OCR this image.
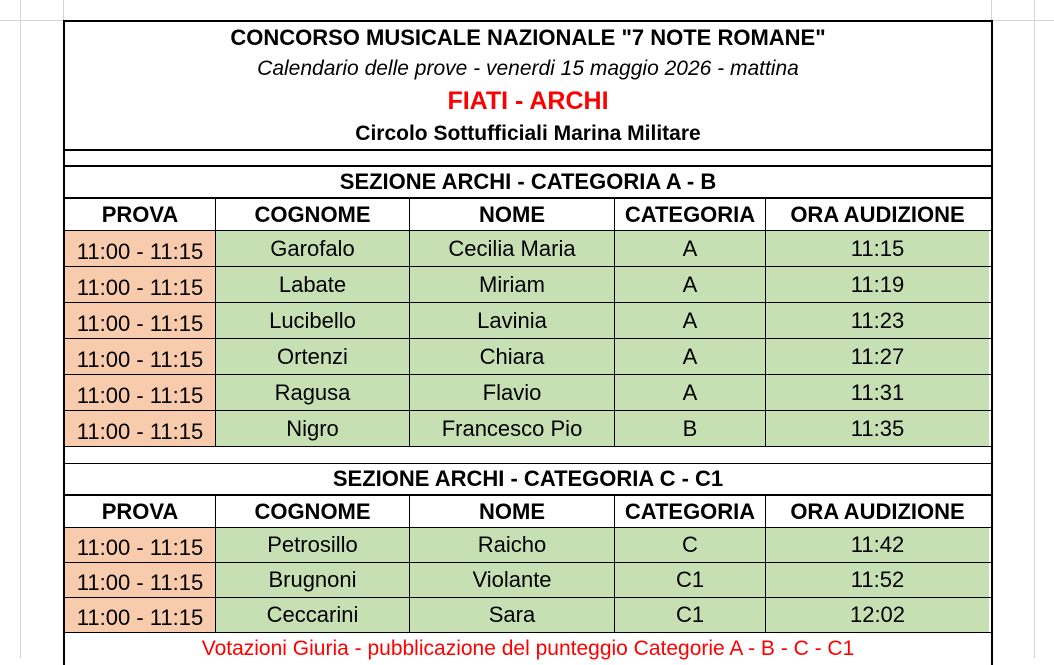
CONCORSO MUSICALE NAZIONALE "7 NOTE ROMANE"
Calendario delle prove - venerdi 15 maggio 2026 - mattina
FIATI - ARCHI
Circolo Sottufficiali Marina Militare
SEZIONE ARCHI - CATEGORIA A - B
PROVA	COGNOME	NOME	CATEGORIA	ORA AUDIZIONE
11:00 - 11:15	Garofalo	Cecilia Maria	A	11:15
11:00 - 11:15	Labate	Miriam	A	11:19
11:00 - 11:15	Lucibello	Lavinia	A	11:23
11:00 - 11:15	Ortenzi	Chiara	A	11:27
11:00 - 11:15	Ragusa	Flavio	A	11:31
11:00 - 11:15	Nigro	Francesco Pio	B	11:35
SEZIONE ARCHI - CATEGORIA C - C1
PROVA	COGNOME	NOME	CATEGORIA	ORA AUDIZIONE
11:00 - 11:15	Petrosillo	Raicho	C	11:42
11:00 - 11:15	Brugnoni	Violante	C1	11:52
11:00 - 11:15	Ceccarini	Sara	C1	12:02
Votazioni Giuria - pubblicazione del punteggio Categorie A - B - C - C1
